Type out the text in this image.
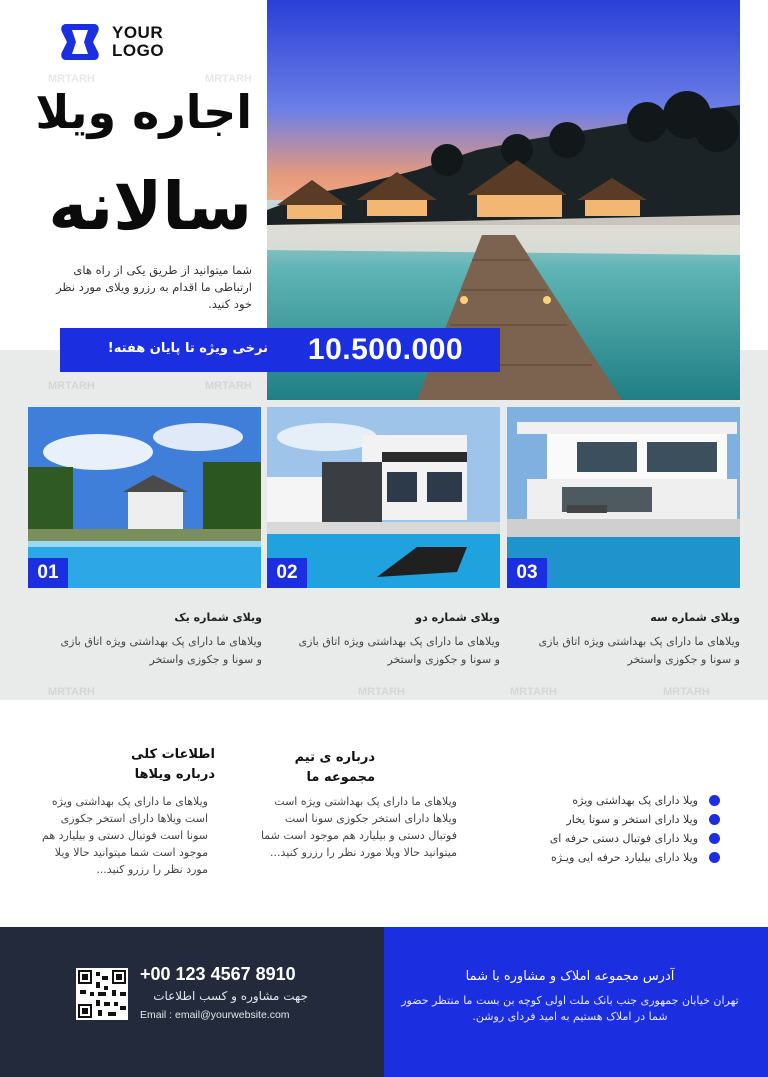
MRTARH	MRTARH
MRTARH	MRTARH
MRTARH	MRTARH	MRTARH	MRTARH
YOUR
LOGO
اجاره ویلا
سالانه
شما میتوانید از طریق یکی از راه های ارتباطی ما اقدام به رزرو ویلای مورد نظر خود کنید.
10.500.000
نرخی ویژه تا پایان هفته!
01	02	03
ویلای شماره یک
ویلاهای ما دارای پک بهداشتی ویژه اتاق بازی و سونا و جکوزی واستخر
ویلای شماره دو
ویلاهای ما دارای پک بهداشتی ویژه اتاق بازی و سونا و جکوزی واستخر
ویلای شماره سه
ویلاهای ما دارای پک بهداشتی ویژه اتاق بازی و سونا و جکوزی واستخر
اطلاعات کلی
درباره ویلاها
ویلاهای ما دارای پک بهداشتی ویژه است ویلاها دارای استخر جکوزی سونا است فوتبال دستی و بیلیارد هم موجود است شما میتوانید حالا ویلا مورد نظر را رزرو کنید...
درباره ی تیم
مجموعه ما
ویلاهای ما دارای پک بهداشتی ویژه است ویلاها دارای استخر جکوزی سونا است فوتبال دستی و بیلیارد هم موجود است شما میتوانید حالا ویلا مورد نظر را رزرو کنید...
ویلا دارای پک بهداشتی ویژه
ویلا دارای استخر و سونا یخار
ویلا دارای فوتبال دستی حرفه ای
ویلا دارای بیلیارد حرفه ایی ویـژه
+00 123 4567 8910
جهت مشاوره و کسب اطلاعات
Email : email@yourwebsite.com
آدرس مجموعه املاک و مشاوره با شما
تهران خیابان جمهوری جنب بانک ملت اولی کوچه بن بست ما منتظر حضور شما در املاک هستیم به امید فردای روشن.
